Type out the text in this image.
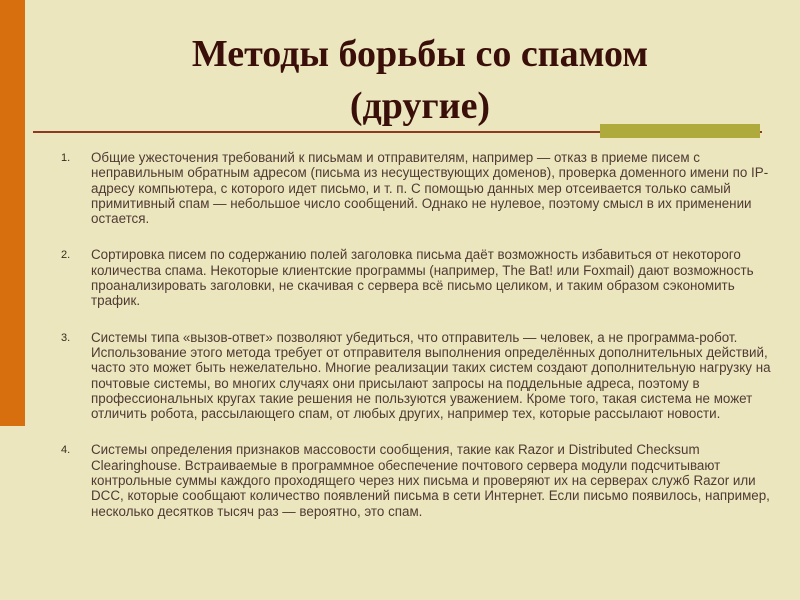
Методы борьбы со спамом
(другие)
1. Общие ужесточения требований к письмам и отправителям, например — отказ в приеме писем с неправильным обратным адресом (письма из несуществующих доменов), проверка доменного имени по IP-адресу компьютера, с которого идет письмо, и т. п. С помощью данных мер отсеивается только самый примитивный спам — небольшое число сообщений. Однако не нулевое, поэтому смысл в их применении остается.
2. Сортировка писем по содержанию полей заголовка письма даёт возможность избавиться от некоторого количества спама. Некоторые клиентские программы (например, The Bat! или Foxmail) дают возможность проанализировать заголовки, не скачивая с сервера всё письмо целиком, и таким образом сэкономить трафик.
3. Системы типа «вызов-ответ» позволяют убедиться, что отправитель — человек, а не программа-робот. Использование этого метода требует от отправителя выполнения определённых дополнительных действий, часто это может быть нежелательно. Многие реализации таких систем создают дополнительную нагрузку на почтовые системы, во многих случаях они присылают запросы на поддельные адреса, поэтому в профессиональных кругах такие решения не пользуются уважением. Кроме того, такая система не может отличить робота, рассылающего спам, от любых других, например тех, которые рассылают новости.
4. Системы определения признаков массовости сообщения, такие как Razor и Distributed Checksum Clearinghouse. Встраиваемые в программное обеспечение почтового сервера модули подсчитывают контрольные суммы каждого проходящего через них письма и проверяют их на серверах служб Razor или DCC, которые сообщают количество появлений письма в сети Интернет. Если письмо появилось, например, несколько десятков тысяч раз — вероятно, это спам.
